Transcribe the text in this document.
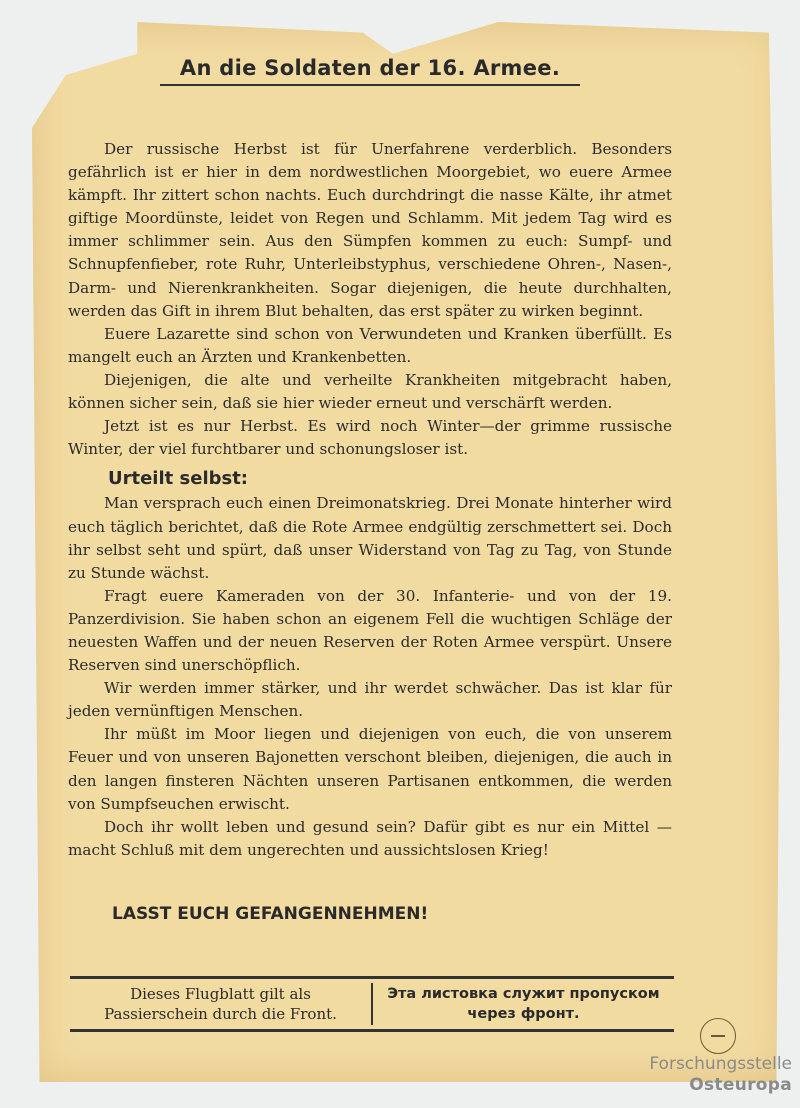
An die Soldaten der 16. Armee.

Der russische Herbst ist für Unerfahrene verderblich. Besonders gefährlich ist er hier in dem nordwestlichen Moorgebiet, wo euere Armee kämpft. Ihr zittert schon nachts. Euch durchdringt die nasse Kälte, ihr atmet giftige Moordünste, leidet von Regen und Schlamm. Mit jedem Tag wird es immer schlimmer sein. Aus den Sümpfen kommen zu euch: Sumpf- und Schnupfenfieber, rote Ruhr, Unterleibstyphus, verschiedene Ohren-, Nasen-, Darm- und Nierenkrankheiten. Sogar diejenigen, die heute durchhalten, werden das Gift in ihrem Blut behalten, das erst später zu wirken beginnt.

Euere Lazarette sind schon von Verwundeten und Kranken überfüllt. Es mangelt euch an Ärzten und Krankenbetten.

Diejenigen, die alte und verheilte Krankheiten mitgebracht haben, können sicher sein, daß sie hier wieder erneut und verschärft werden.

Jetzt ist es nur Herbst. Es wird noch Winter—der grimme russische Winter, der viel furchtbarer und schonungsloser ist.

Urteilt selbst:

Man versprach euch einen Dreimonatskrieg. Drei Monate hinterher wird euch täglich berichtet, daß die Rote Armee endgültig zerschmettert sei. Doch ihr selbst seht und spürt, daß unser Widerstand von Tag zu Tag, von Stunde zu Stunde wächst.

Fragt euere Kameraden von der 30. Infanterie- und von der 19. Panzerdivision. Sie haben schon an eigenem Fell die wuchtigen Schläge der neuesten Waffen und der neuen Reserven der Roten Armee verspürt. Unsere Reserven sind unerschöpflich.

Wir werden immer stärker, und ihr werdet schwächer. Das ist klar für jeden vernünftigen Menschen.

Ihr müßt im Moor liegen und diejenigen von euch, die von unserem Feuer und von unseren Bajonetten verschont bleiben, diejenigen, die auch in den langen finsteren Nächten unseren Partisanen entkommen, die werden von Sumpfseuchen erwischt.

Doch ihr wollt leben und gesund sein? Dafür gibt es nur ein Mittel — macht Schluß mit dem ungerechten und aussichtslosen Krieg!

LASST EUCH GEFANGENNEHMEN!
Dieses Flugblatt gilt als Passierschein durch die Front.
Эта листовка служит пропуском через фронт.
Forschungsstelle
Osteuropa
